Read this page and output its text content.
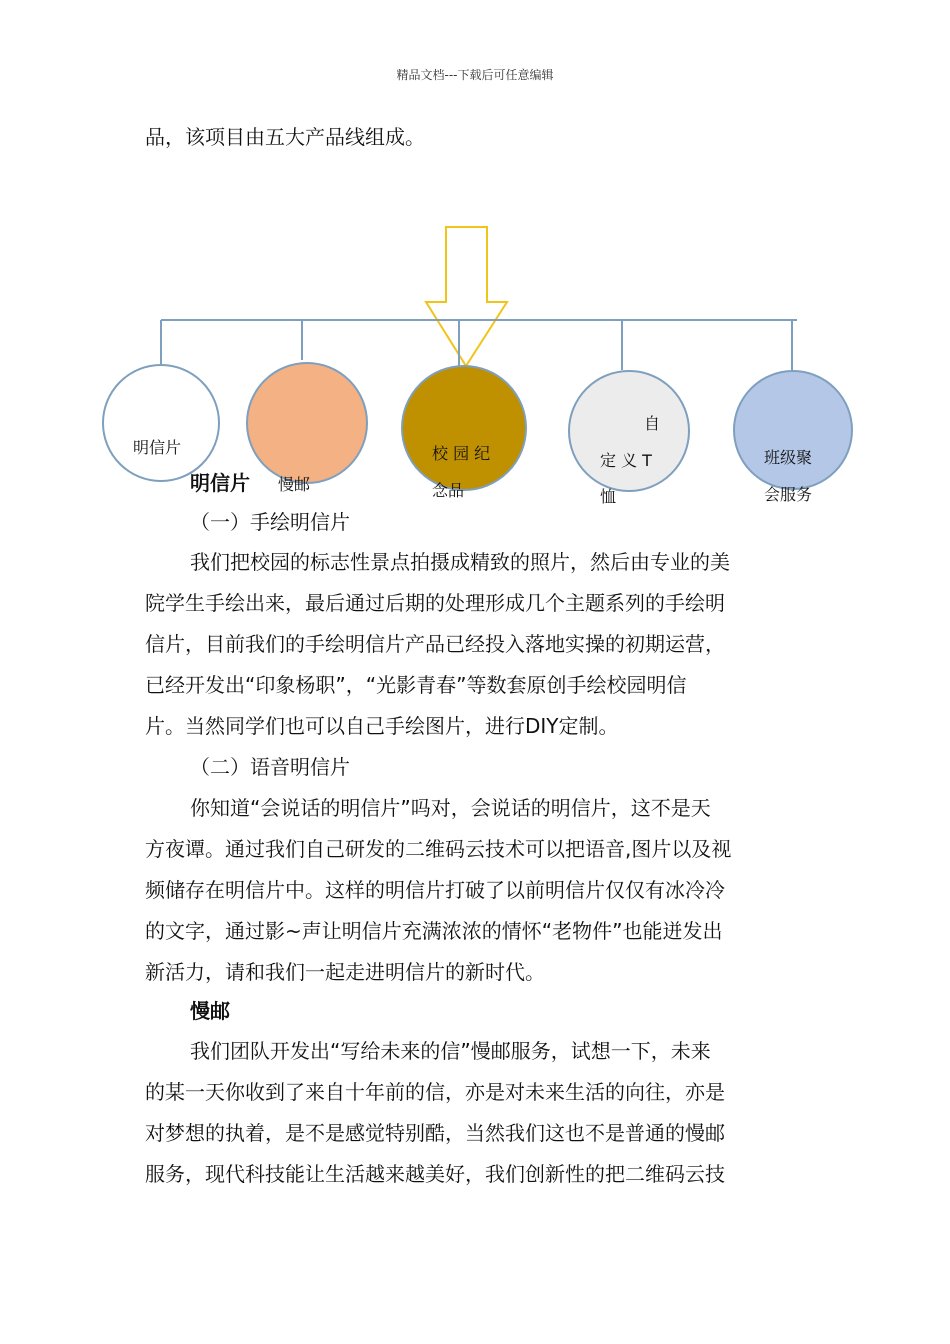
精品文档---下载后可任意编辑
品，该项目由五大产品线组成。
明信片
慢邮
校 园 纪
念品
自
定 义 T
恤
班级聚
会服务
明信片
（一）手绘明信片
我们把校园的标志性景点拍摄成精致的照片，然后由专业的美
院学生手绘出来，最后通过后期的处理形成几个主题系列的手绘明
信片，目前我们的手绘明信片产品已经投入落地实操的初期运营，
已经开发出“印象杨职”，“光影青春”等数套原创手绘校园明信
片。当然同学们也可以自己手绘图片，进行DIY定制。
（二）语音明信片
你知道“会说话的明信片”吗对，会说话的明信片，这不是天
方夜谭。通过我们自己研发的二维码云技术可以把语音,图片以及视
频储存在明信片中。这样的明信片打破了以前明信片仅仅有冰冷冷
的文字，通过影~声让明信片充满浓浓的情怀“老物件”也能迸发出
新活力，请和我们一起走进明信片的新时代。
慢邮
我们团队开发出“写给未来的信”慢邮服务，试想一下，未来
的某一天你收到了来自十年前的信，亦是对未来生活的向往，亦是
对梦想的执着，是不是感觉特别酷，当然我们这也不是普通的慢邮
服务，现代科技能让生活越来越美好，我们创新性的把二维码云技
